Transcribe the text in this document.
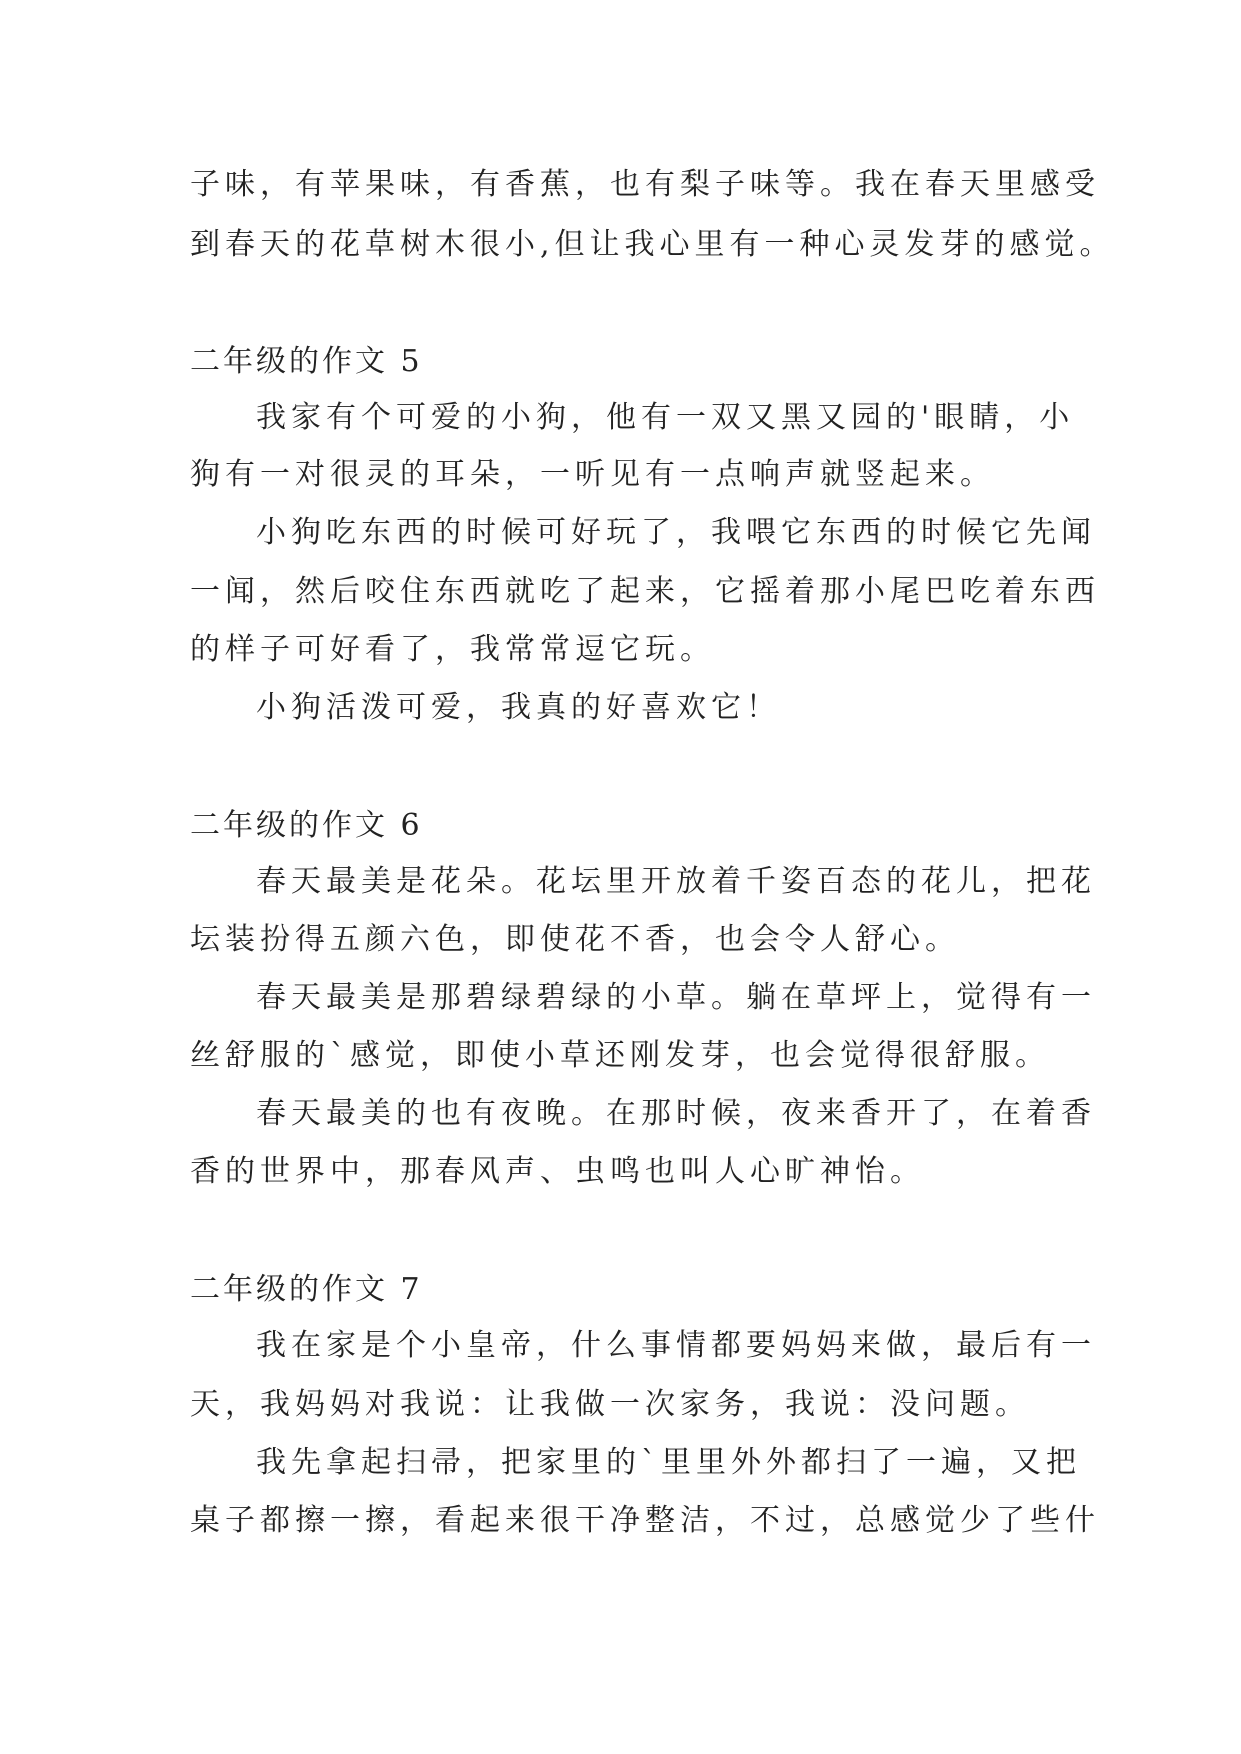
子味，有苹果味，有香蕉，也有梨子味等。我在春天里感受
到春天的花草树木很小,但让我心里有一种心灵发芽的感觉。
二年级的作文 5
我家有个可爱的小狗，他有一双又黑又园的'眼睛，小
狗有一对很灵的耳朵，一听见有一点响声就竖起来。
小狗吃东西的时候可好玩了，我喂它东西的时候它先闻
一闻，然后咬住东西就吃了起来，它摇着那小尾巴吃着东西
的样子可好看了，我常常逗它玩。
小狗活泼可爱，我真的好喜欢它！
二年级的作文 6
春天最美是花朵。花坛里开放着千姿百态的花儿，把花
坛装扮得五颜六色，即使花不香，也会令人舒心。
春天最美是那碧绿碧绿的小草。躺在草坪上，觉得有一
丝舒服的`感觉，即使小草还刚发芽，也会觉得很舒服。
春天最美的也有夜晚。在那时候，夜来香开了，在着香
香的世界中，那春风声、虫鸣也叫人心旷神怡。
二年级的作文 7
我在家是个小皇帝，什么事情都要妈妈来做，最后有一
天，我妈妈对我说：让我做一次家务，我说：没问题。
我先拿起扫帚，把家里的`里里外外都扫了一遍，又把
桌子都擦一擦，看起来很干净整洁，不过，总感觉少了些什
